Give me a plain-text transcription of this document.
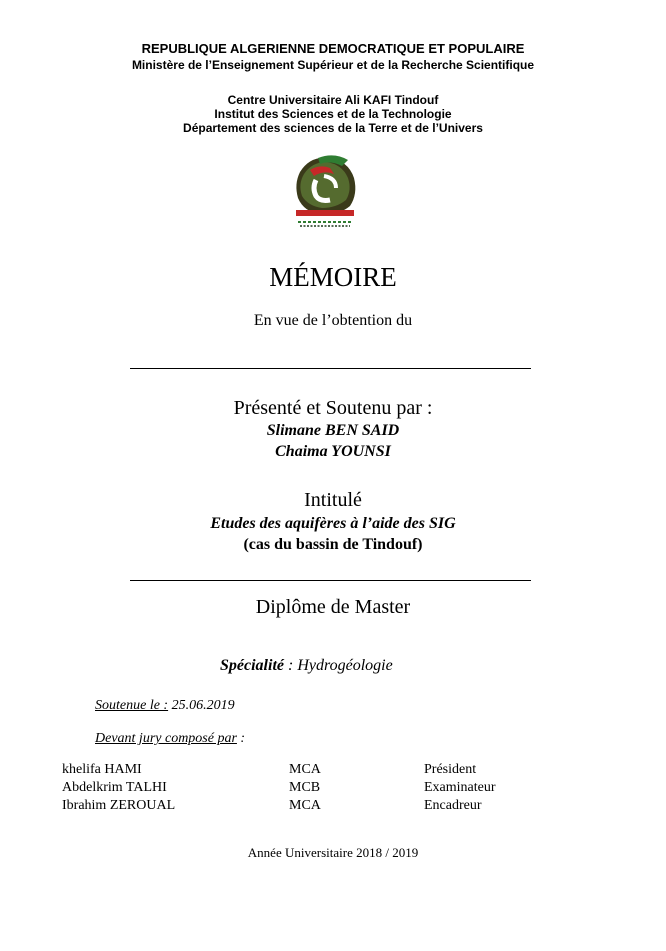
REPUBLIQUE ALGERIENNE DEMOCRATIQUE ET POPULAIRE
Ministère de l’Enseignement Supérieur et de la Recherche Scientifique
Centre Universitaire Ali KAFI Tindouf
Institut des Sciences et de la Technologie
Département des sciences de la Terre et de l’Univers
MÉMOIRE
En vue de l’obtention du
Présenté et Soutenu par :
Slimane BEN SAID
Chaima YOUNSI
Intitulé
Etudes des aquifères à l’aide des SIG
(cas du bassin de Tindouf)
Diplôme de Master
Spécialité : Hydrogéologie
Soutenue le : 25.06.2019
Devant jury composé par :
khelifa HAMI	MCA	Président
Abdelkrim TALHI	MCB	Examinateur
Ibrahim ZEROUAL	MCA	Encadreur
Année Universitaire 2018 / 2019
